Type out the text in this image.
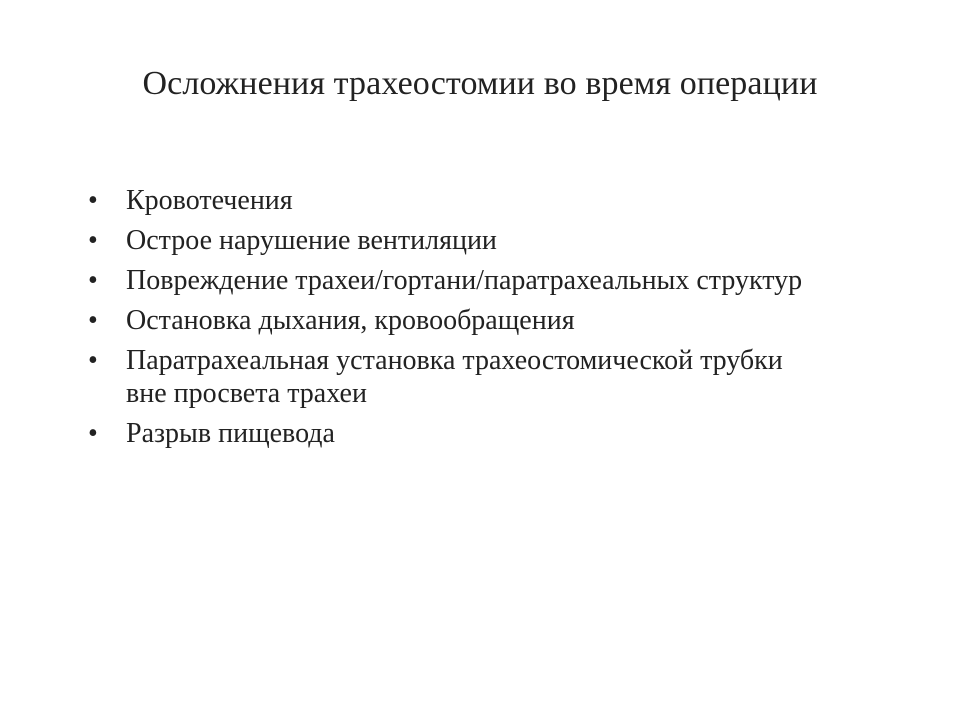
Осложнения трахеостомии во время операции
•	Кровотечения
•	Острое нарушение вентиляции
•	Повреждение трахеи/гортани/паратрахеальных структур
•	Остановка дыхания, кровообращения
•	Паратрахеальная установка трахеостомической трубки вне просвета трахеи
•	Разрыв пищевода
